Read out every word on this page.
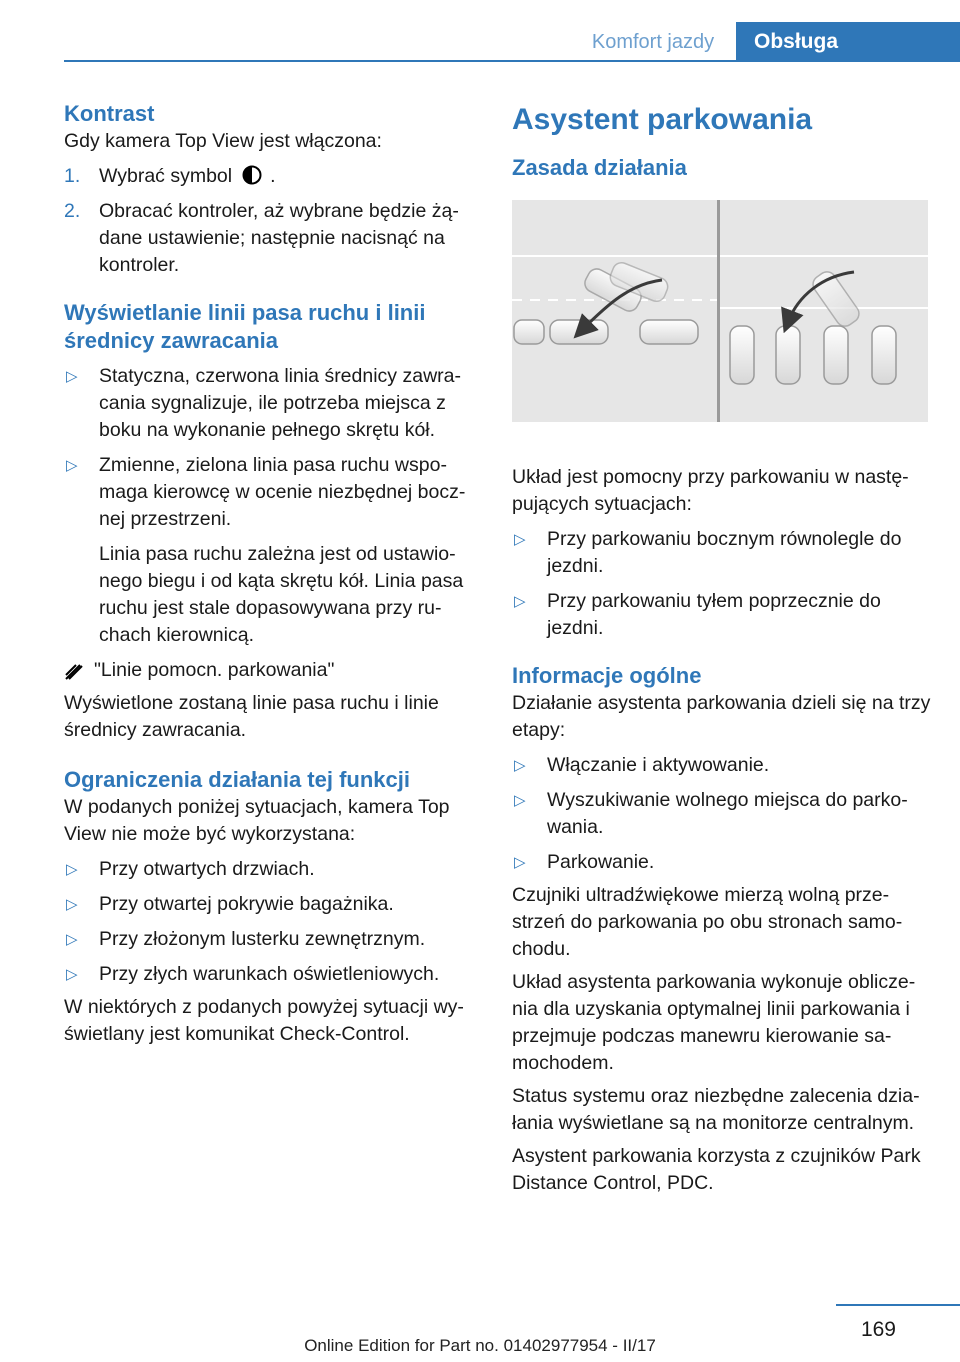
Komfort jazdy	Obsługa
Kontrast

Gdy kamera Top View jest włączona:

1. Wybrać symbol .
2. Obracać kontroler, aż wybrane będzie żą‐dane ustawienie; następnie nacisnąć na kontroler.
Wyświetlanie linii pasa ruchu i linii średnicy zawracania
▷ Statyczna, czerwona linia średnicy zawra‐cania sygnalizuje, ile potrzeba miejsca z boku na wykonanie pełnego skrętu kół.
▷ Zmienne, zielona linia pasa ruchu wspo‐maga kierowcę w ocenie niezbędnej bocz‐nej przestrzeni.

Linia pasa ruchu zależna jest od ustawio‐nego biegu i od kąta skrętu kół. Linia pasa ruchu jest stale dopasowywana przy ru‐chach kierownicą.

"Linie pomocn. parkowania"

Wyświetlone zostaną linie pasa ruchu i linie średnicy zawracania.

Ograniczenia działania tej funkcji

W podanych poniżej sytuacjach, kamera Top View nie może być wykorzystana:

▷ Przy otwartych drzwiach.
▷ Przy otwartej pokrywie bagażnika.
▷ Przy złożonym lusterku zewnętrznym.
▷ Przy złych warunkach oświetleniowych.

W niektórych z podanych powyżej sytuacji wy‐świetlany jest komunikat Check-Control.

Asystent parkowania
Zasada działania

Układ jest pomocny przy parkowaniu w nastę‐pujących sytuacjach:

▷ Przy parkowaniu bocznym równolegle do jezdni.
▷ Przy parkowaniu tyłem poprzecznie do jezdni.
Informacje ogólne

Działanie asystenta parkowania dzieli się na trzy etapy:

▷ Włączanie i aktywowanie.
▷ Wyszukiwanie wolnego miejsca do parko‐wania.
▷ Parkowanie.

Czujniki ultradźwiękowe mierzą wolną prze‐strzeń do parkowania po obu stronach samo‐chodu.

Układ asystenta parkowania wykonuje oblicze‐nia dla uzyskania optymalnej linii parkowania i przejmuje podczas manewru kierowanie sa‐mochodem.

Status systemu oraz niezbędne zalecenia dzia‐łania wyświetlane są na monitorze centralnym.

Asystent parkowania korzysta z czujników Park Distance Control, PDC.

169
Online Edition for Part no. 01402977954 - II/17
